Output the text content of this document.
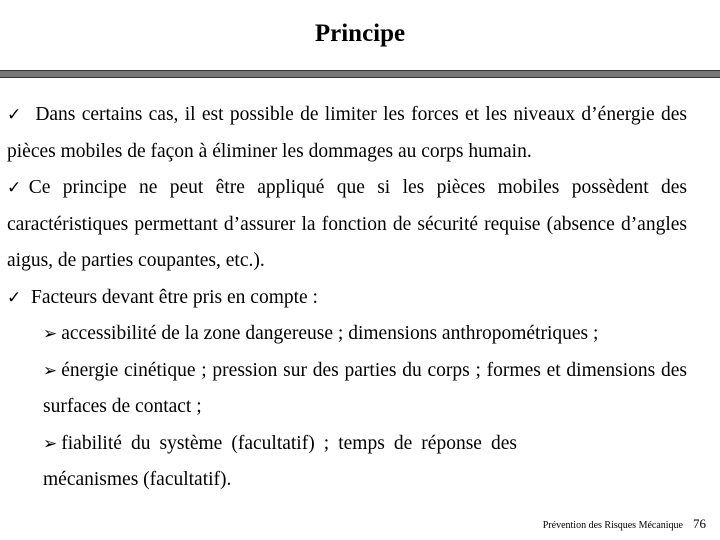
Principe

✓ Dans certains cas, il est possible de limiter les forces et les niveaux d’énergie des pièces mobiles de façon à éliminer les dommages au corps humain.

✓Ce principe ne peut être appliqué que si les pièces mobiles possèdent des caractéristiques permettant d’assurer la fonction de sécurité requise (absence d’angles aigus, de parties coupantes, etc.).

✓ Facteurs devant être pris en compte :

➢ accessibilité de la zone dangereuse ; dimensions anthropométriques ;

➢ énergie cinétique ; pression sur des parties du corps ; formes et dimensions des surfaces de contact ;

➢ fiabilité du système (facultatif) ; temps de réponse des mécanismes (facultatif).

Prévention des Risques Mécanique 76
